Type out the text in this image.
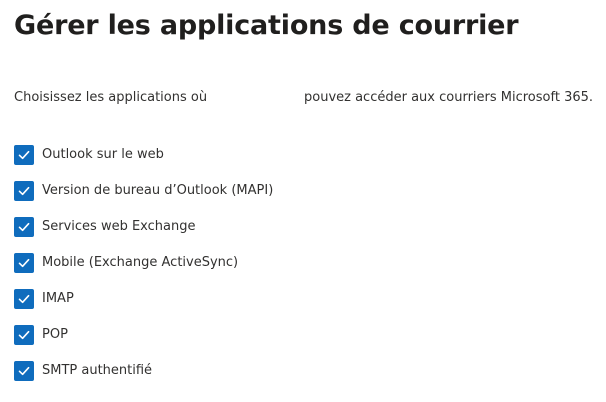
Gérer les applications de courrier
Choisissez les applications où	pouvez accéder aux courriers Microsoft 365.
Outlook sur le web
Version de bureau d’Outlook (MAPI)
Services web Exchange
Mobile (Exchange ActiveSync)
IMAP
POP
SMTP authentifié
